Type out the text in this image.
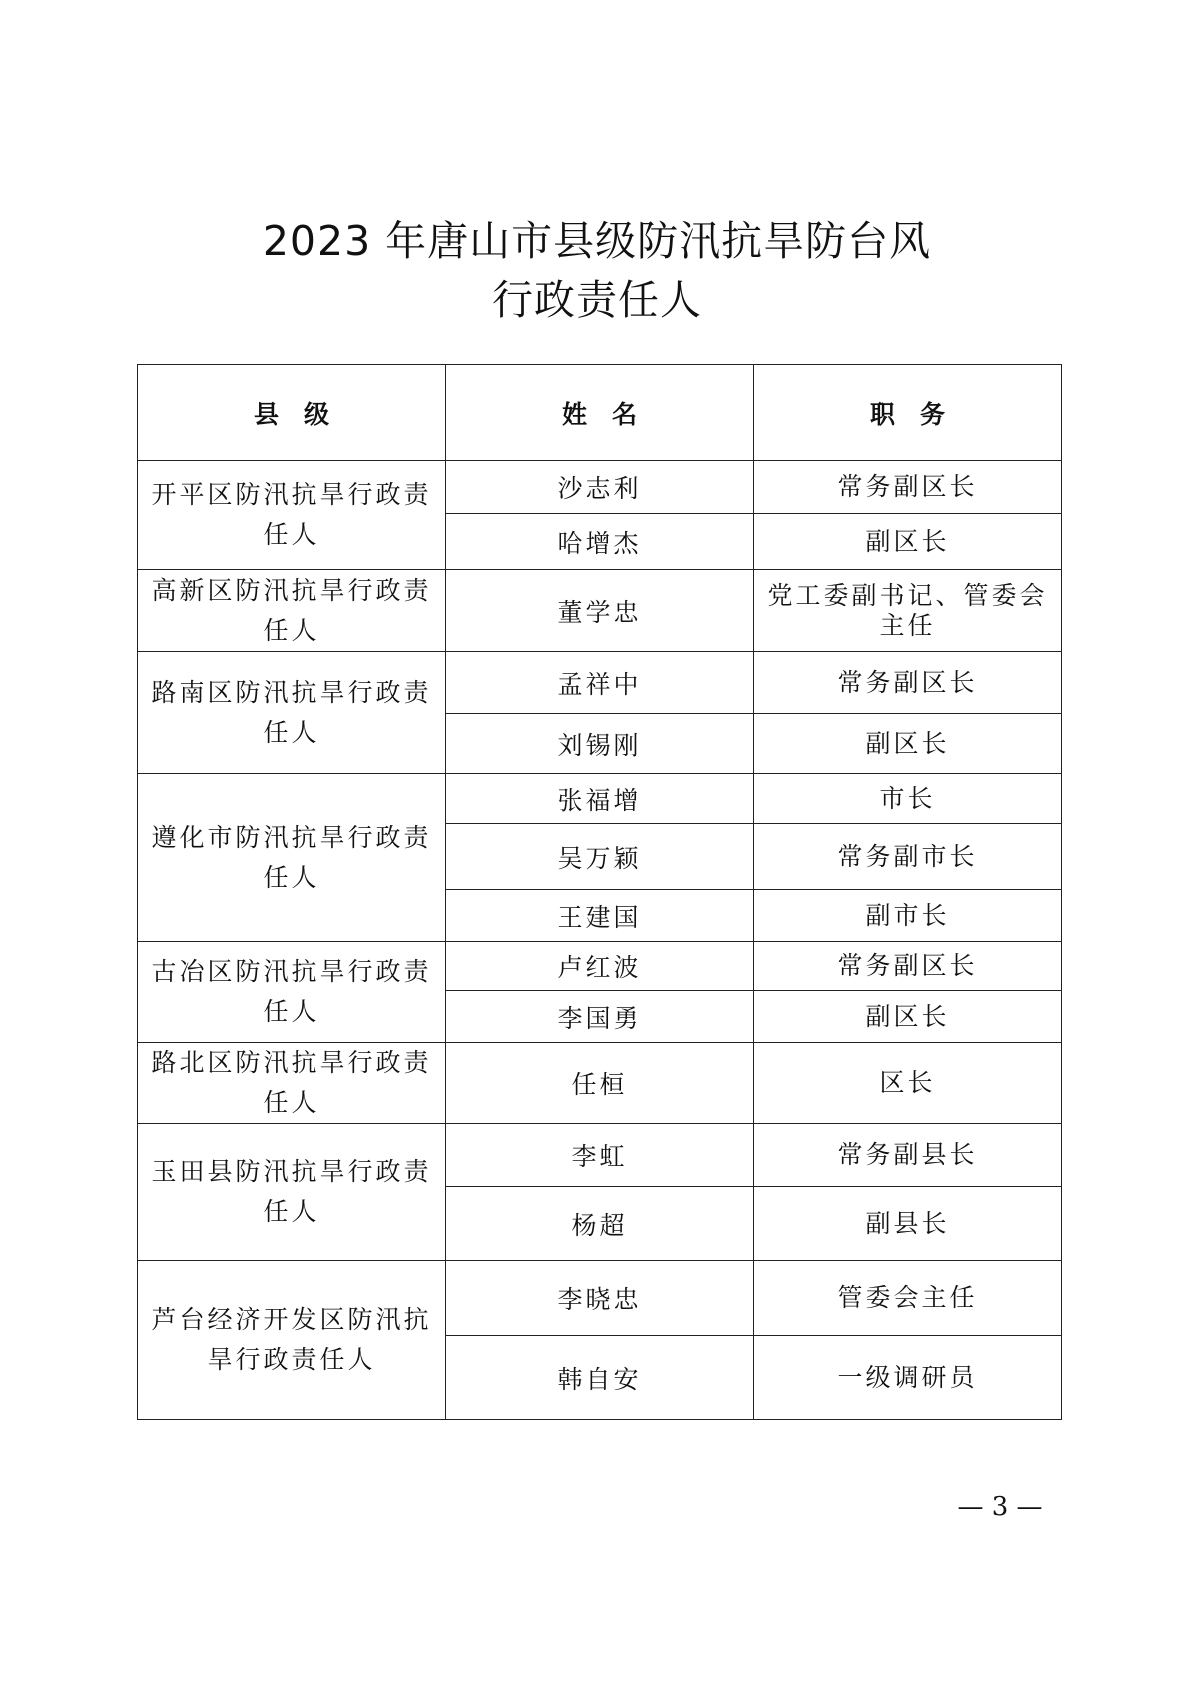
2023 年唐山市县级防汛抗旱防台风
行政责任人
县　级	姓　名	职　务
开平区防汛抗旱行政责任人	沙志利	常务副区长
	哈增杰	副区长
高新区防汛抗旱行政责任人	董学忠	党工委副书记、管委会主任
路南区防汛抗旱行政责任人	孟祥中	常务副区长
	刘锡刚	副区长
遵化市防汛抗旱行政责任人	张福增	市长
	吴万颖	常务副市长
	王建国	副市长
古冶区防汛抗旱行政责任人	卢红波	常务副区长
	李国勇	副区长
路北区防汛抗旱行政责任人	任桓	区长
玉田县防汛抗旱行政责任人	李虹	常务副县长
	杨超	副县长
芦台经济开发区防汛抗旱行政责任人	李晓忠	管委会主任
	韩自安	一级调研员
— 3 —
